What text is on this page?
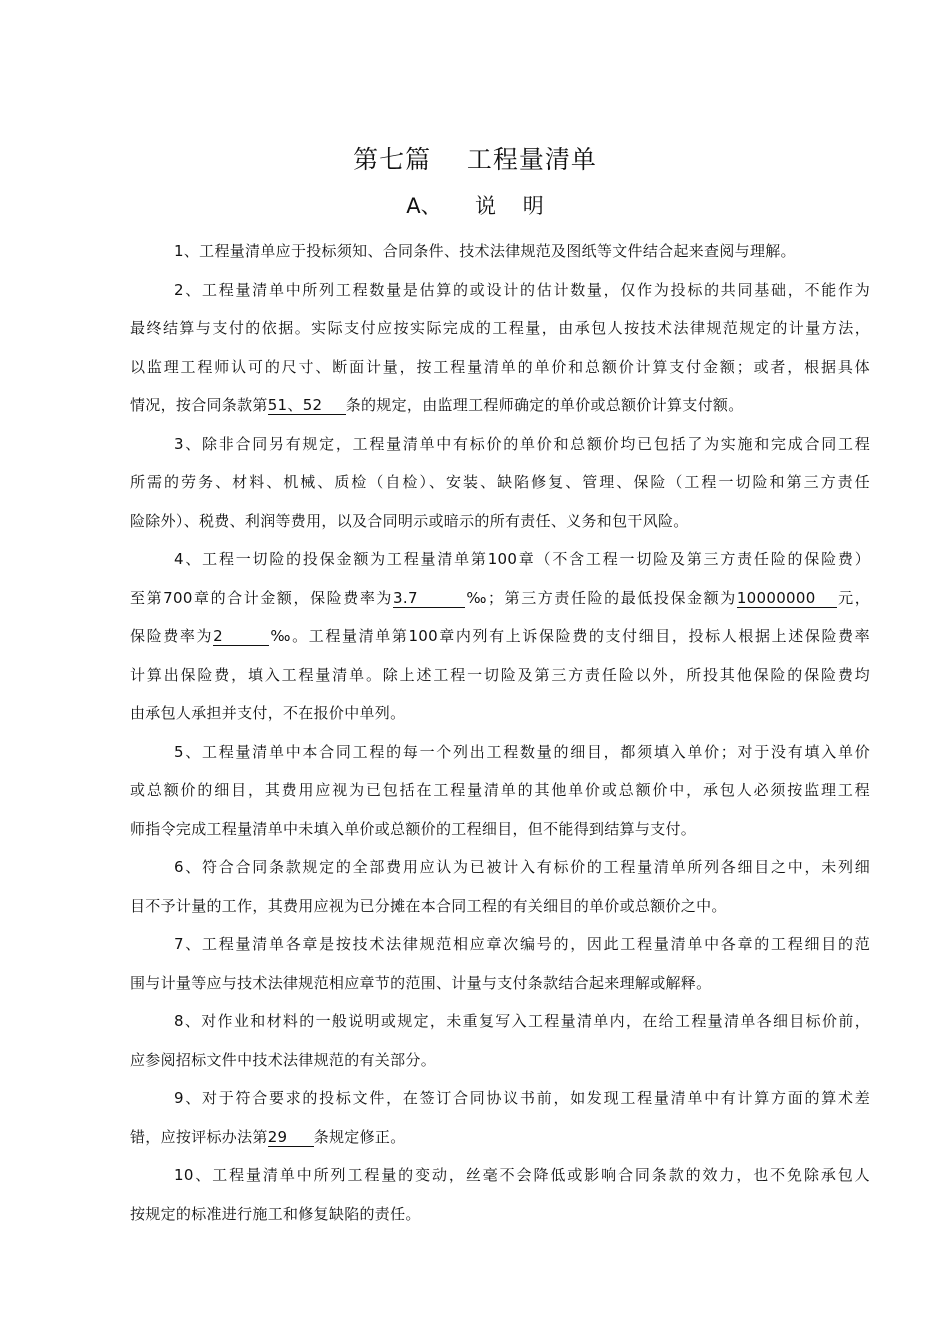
第七篇    工程量清单
A、     说    明
1、工程量清单应于投标须知、合同条件、技术法律规范及图纸等文件结合起来查阅与理解。
2、工程量清单中所列工程数量是估算的或设计的估计数量，仅作为投标的共同基础，不能作为
最终结算与支付的依据。实际支付应按实际完成的工程量，由承包人按技术法律规范规定的计量方法，
以监理工程师认可的尺寸、断面计量，按工程量清单的单价和总额价计算支付金额；或者，根据具体
情况，按合同条款第51、52 条的规定，由监理工程师确定的单价或总额价计算支付额。
3、除非合同另有规定，工程量清单中有标价的单价和总额价均已包括了为实施和完成合同工程
所需的劳务、材料、机械、质检（自检）、安装、缺陷修复、管理、保险（工程一切险和第三方责任
险除外）、税费、利润等费用，以及合同明示或暗示的所有责任、义务和包干风险。
4、工程一切险的投保金额为工程量清单第100章（不含工程一切险及第三方责任险的保险费）
至第700章的合计金额，保险费率为3.7	‰；第三方责任险的最低投保金额为10000000 元，
保险费率为2	‰。工程量清单第100章内列有上诉保险费的支付细目，投标人根据上述保险费率
计算出保险费，填入工程量清单。除上述工程一切险及第三方责任险以外，所投其他保险的保险费均
由承包人承担并支付，不在报价中单列。
5、工程量清单中本合同工程的每一个列出工程数量的细目，都须填入单价；对于没有填入单价
或总额价的细目，其费用应视为已包括在工程量清单的其他单价或总额价中，承包人必须按监理工程
师指令完成工程量清单中未填入单价或总额价的工程细目，但不能得到结算与支付。
6、符合合同条款规定的全部费用应认为已被计入有标价的工程量清单所列各细目之中，未列细
目不予计量的工作，其费用应视为已分摊在本合同工程的有关细目的单价或总额价之中。
7、工程量清单各章是按技术法律规范相应章次编号的，因此工程量清单中各章的工程细目的范
围与计量等应与技术法律规范相应章节的范围、计量与支付条款结合起来理解或解释。
8、对作业和材料的一般说明或规定，未重复写入工程量清单内，在给工程量清单各细目标价前，
应参阅招标文件中技术法律规范的有关部分。
9、对于符合要求的投标文件，在签订合同协议书前，如发现工程量清单中有计算方面的算术差
错，应按评标办法第29 条规定修正。
10、工程量清单中所列工程量的变动，丝毫不会降低或影响合同条款的效力，也不免除承包人
按规定的标准进行施工和修复缺陷的责任。
